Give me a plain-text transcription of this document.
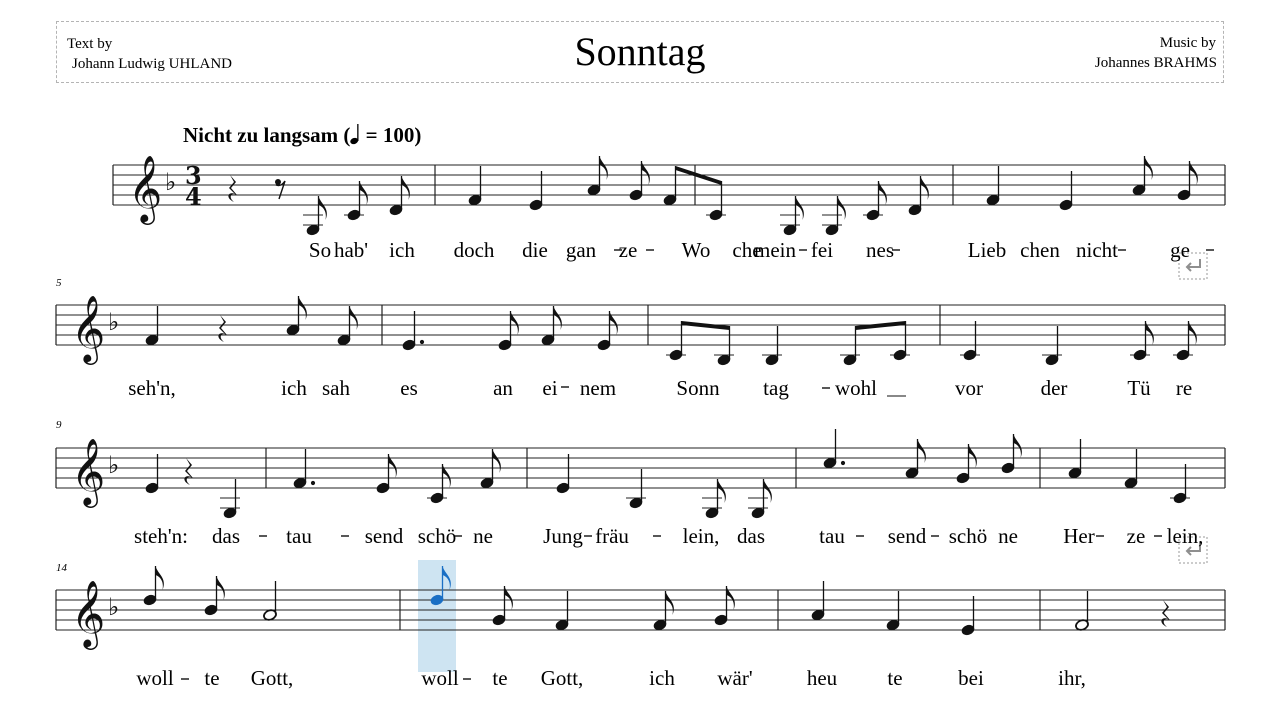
Text by
Johann Ludwig UHLAND	Sonntag	Music by
Johannes BRAHMS
Nicht zu langsam ( = 100)
𝄞 ♭ 3
4
𝄞 ♭
𝄞 ♭
𝄞 ♭
5
9
14
So hab' ich doch die gan ze Wo che
mein fei nes	Lieb chen nicht ge
seh'n,	ich sah es	an ei nem	Sonn tag wohl	vor	der	Tü re
steh'n: das tau	send schö ne Jung fräu	lein, das	tau send schö ne Her ze lein,
woll te Gott,	woll te Gott,	ich wär'	heu te	bei	ihr,
